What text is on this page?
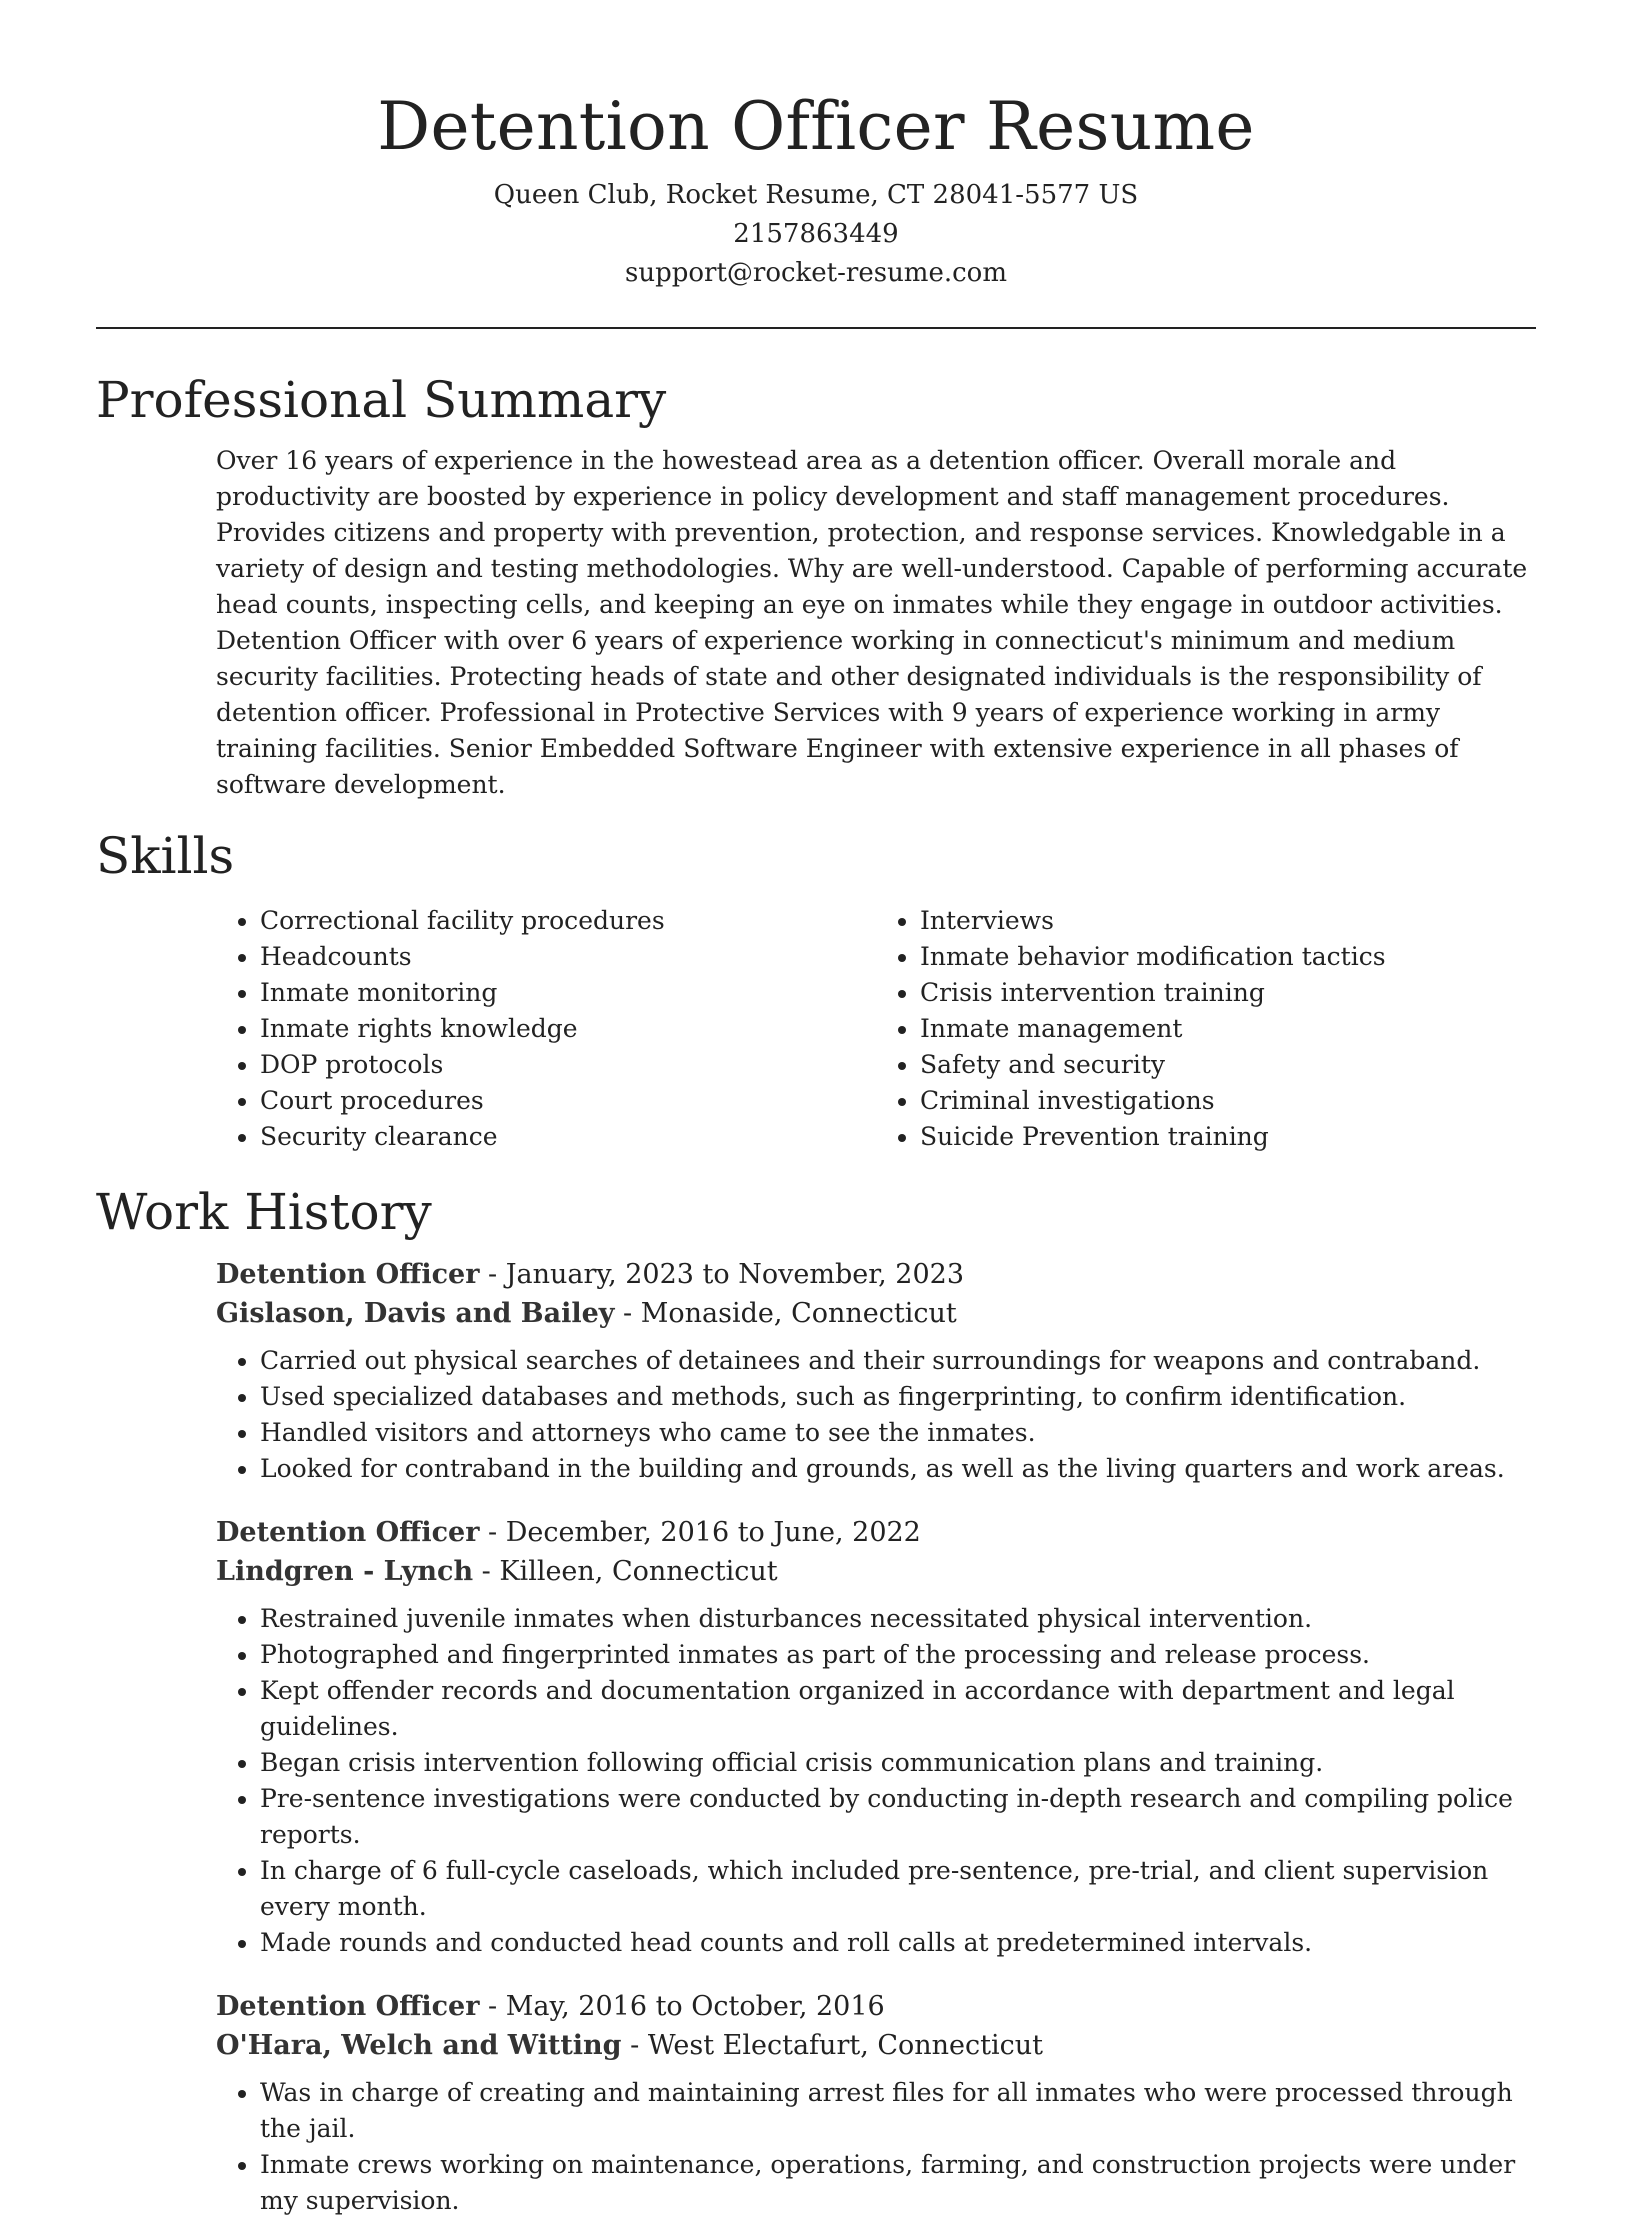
Detention Officer Resume
Queen Club, Rocket Resume, CT 28041-5577 US
2157863449
support@rocket-resume.com
Professional Summary
Over 16 years of experience in the howestead area as a detention officer. Overall morale and productivity are boosted by experience in policy development and staff management procedures. Provides citizens and property with prevention, protection, and response services. Knowledgable in a variety of design and testing methodologies. Why are well-understood. Capable of performing accurate head counts, inspecting cells, and keeping an eye on inmates while they engage in outdoor activities. Detention Officer with over 6 years of experience working in connecticut's minimum and medium security facilities. Protecting heads of state and other designated individuals is the responsibility of detention officer. Professional in Protective Services with 9 years of experience working in army training facilities. Senior Embedded Software Engineer with extensive experience in all phases of software development.
Skills
• Correctional facility procedures
• Headcounts
• Inmate monitoring
• Inmate rights knowledge
• DOP protocols
• Court procedures
• Security clearance
• Interviews
• Inmate behavior modification tactics
• Crisis intervention training
• Inmate management
• Safety and security
• Criminal investigations
• Suicide Prevention training
Work History
Detention Officer - January, 2023 to November, 2023
Gislason, Davis and Bailey - Monaside, Connecticut
• Carried out physical searches of detainees and their surroundings for weapons and contraband.
• Used specialized databases and methods, such as fingerprinting, to confirm identification.
• Handled visitors and attorneys who came to see the inmates.
• Looked for contraband in the building and grounds, as well as the living quarters and work areas.
Detention Officer - December, 2016 to June, 2022
Lindgren - Lynch - Killeen, Connecticut
• Restrained juvenile inmates when disturbances necessitated physical intervention.
• Photographed and fingerprinted inmates as part of the processing and release process.
• Kept offender records and documentation organized in accordance with department and legal guidelines.
• Began crisis intervention following official crisis communication plans and training.
• Pre-sentence investigations were conducted by conducting in-depth research and compiling police reports.
• In charge of 6 full-cycle caseloads, which included pre-sentence, pre-trial, and client supervision every month.
• Made rounds and conducted head counts and roll calls at predetermined intervals.
Detention Officer - May, 2016 to October, 2016
O'Hara, Welch and Witting - West Electafurt, Connecticut
• Was in charge of creating and maintaining arrest files for all inmates who were processed through the jail.
• Inmate crews working on maintenance, operations, farming, and construction projects were under my supervision.
